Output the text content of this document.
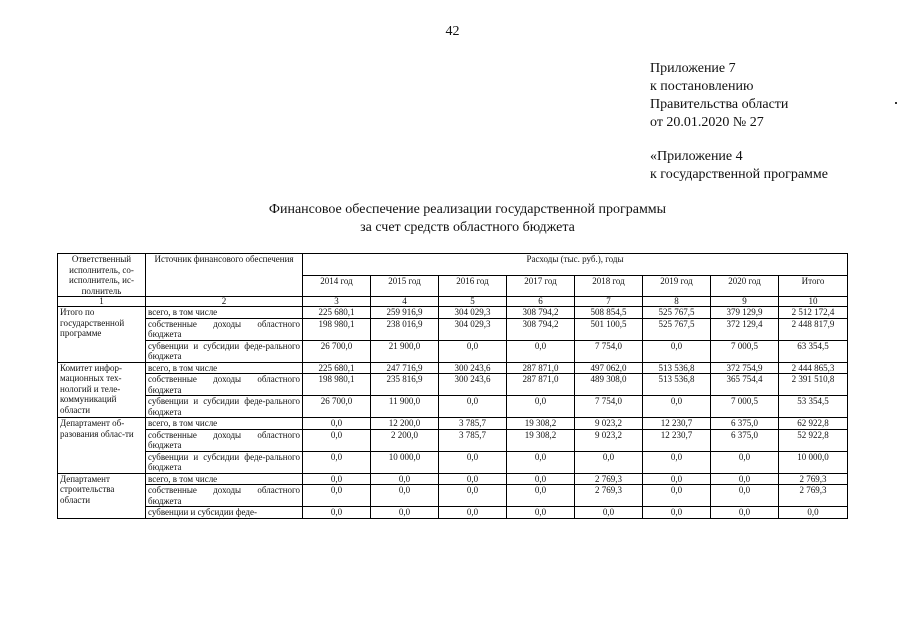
42
Приложение 7
к постановлению
Правительства области
от 20.01.2020 № 27
«Приложение 4
к государственной программе
Финансовое обеспечение реализации государственной программы
за счет средств областного бюджета
Ответственный исполнитель, со-исполнитель, ис-полнитель	Источник финансового обеспечения	Расходы (тыс. руб.), годы							
		2014 год	2015 год	2016 год	2017 год	2018 год	2019 год	2020 год	Итого
1	2	3	4	5	6	7	8	9	10
Итого по государственной программе	всего, в том числе	225 680,1	259 916,9	304 029,3	308 794,2	508 854,5	525 767,5	379 129,9	2 512 172,4
	собственные доходы областного бюджета	198 980,1	238 016,9	304 029,3	308 794,2	501 100,5	525 767,5	372 129,4	2 448 817,9
	субвенции и субсидии феде-рального бюджета	26 700,0	21 900,0	0,0	0,0	7 754,0	0,0	7 000,5	63 354,5
Комитет инфор-мационных тех-нологий и теле-коммуникаций области	всего, в том числе	225 680,1	247 716,9	300 243,6	287 871,0	497 062,0	513 536,8	372 754,9	2 444 865,3
	собственные доходы областного бюджета	198 980,1	235 816,9	300 243,6	287 871,0	489 308,0	513 536,8	365 754,4	2 391 510,8
	субвенции и субсидии феде-рального бюджета	26 700,0	11 900,0	0,0	0,0	7 754,0	0,0	7 000,5	53 354,5
Департамент об-разования облас-ти	всего, в том числе	0,0	12 200,0	3 785,7	19 308,2	9 023,2	12 230,7	6 375,0	62 922,8
	собственные доходы областного бюджета	0,0	2 200,0	3 785,7	19 308,2	9 023,2	12 230,7	6 375,0	52 922,8
	субвенции и субсидии феде-рального бюджета	0,0	10 000,0	0,0	0,0	0,0	0,0	0,0	10 000,0
Департамент строительства области	всего, в том числе	0,0	0,0	0,0	0,0	2 769,3	0,0	0,0	2 769,3
	собственные доходы областного бюджета	0,0	0,0	0,0	0,0	2 769,3	0,0	0,0	2 769,3
	субвенции и субсидии феде-	0,0	0,0	0,0	0,0	0,0	0,0	0,0	0,0
